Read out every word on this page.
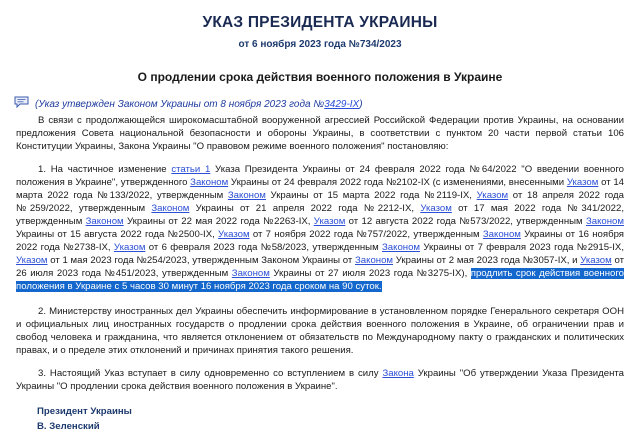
УКАЗ ПРЕЗИДЕНТА УКРАИНЫ
от 6 ноября 2023 года №734/2023
О продлении срока действия военного положения в Украине
(Указ утвержден Законом Украины от 8 ноября 2023 года №3429-IX)
В связи с продолжающейся широкомасштабной вооруженной агрессией Российской Федерации против Украины, на основании предложения Совета национальной безопасности и обороны Украины, в соответствии с пунктом 20 части первой статьи 106 Конституции Украины, Закона Украины "О правовом режиме военного положения" постановляю:
1. На частичное изменение статьи 1 Указа Президента Украины от 24 февраля 2022 года №64/2022 "О введении военного положения в Украине", утвержденного Законом Украины от 24 февраля 2022 года №2102-IX (с изменениями, внесенными Указом от 14 марта 2022 года №133/2022, утвержденным Законом Украины от 15 марта 2022 года №2119-IX, Указом от 18 апреля 2022 года №259/2022, утвержденным Законом Украины от 21 апреля 2022 года №2212-IX, Указом от 17 мая 2022 года №341/2022, утвержденным Законом Украины от 22 мая 2022 года №2263-IX, Указом от 12 августа 2022 года №573/2022, утвержденным Законом Украины от 15 августа 2022 года №2500-IX, Указом от 7 ноября 2022 года №757/2022, утвержденным Законом Украины от 16 ноября 2022 года №2738-IX, Указом от 6 февраля 2023 года №58/2023, утвержденным Законом Украины от 7 февраля 2023 года №2915-IX, Указом от 1 мая 2023 года №254/2023, утвержденным Законом Украины от Законом Украины от 2 мая 2023 года №3057-IX, и Указом от 26 июля 2023 года №451/2023, утвержденным Законом Украины от 27 июля 2023 года №3275-IX), продлить срок действия военного положения в Украине с 5 часов 30 минут 16 ноября 2023 года сроком на 90 суток.
2. Министерству иностранных дел Украины обеспечить информирование в установленном порядке Генерального секретаря ООН и официальных лиц иностранных государств о продлении срока действия военного положения в Украине, об ограничении прав и свобод человека и гражданина, что является отклонением от обязательств по Международному пакту о гражданских и политических правах, и о пределе этих отклонений и причинах принятия такого решения.
3. Настоящий Указ вступает в силу одновременно со вступлением в силу Закона Украины "Об утверждении Указа Президента Украины "О продлении срока действия военного положения в Украине".
Президент Украины
В. Зеленский
